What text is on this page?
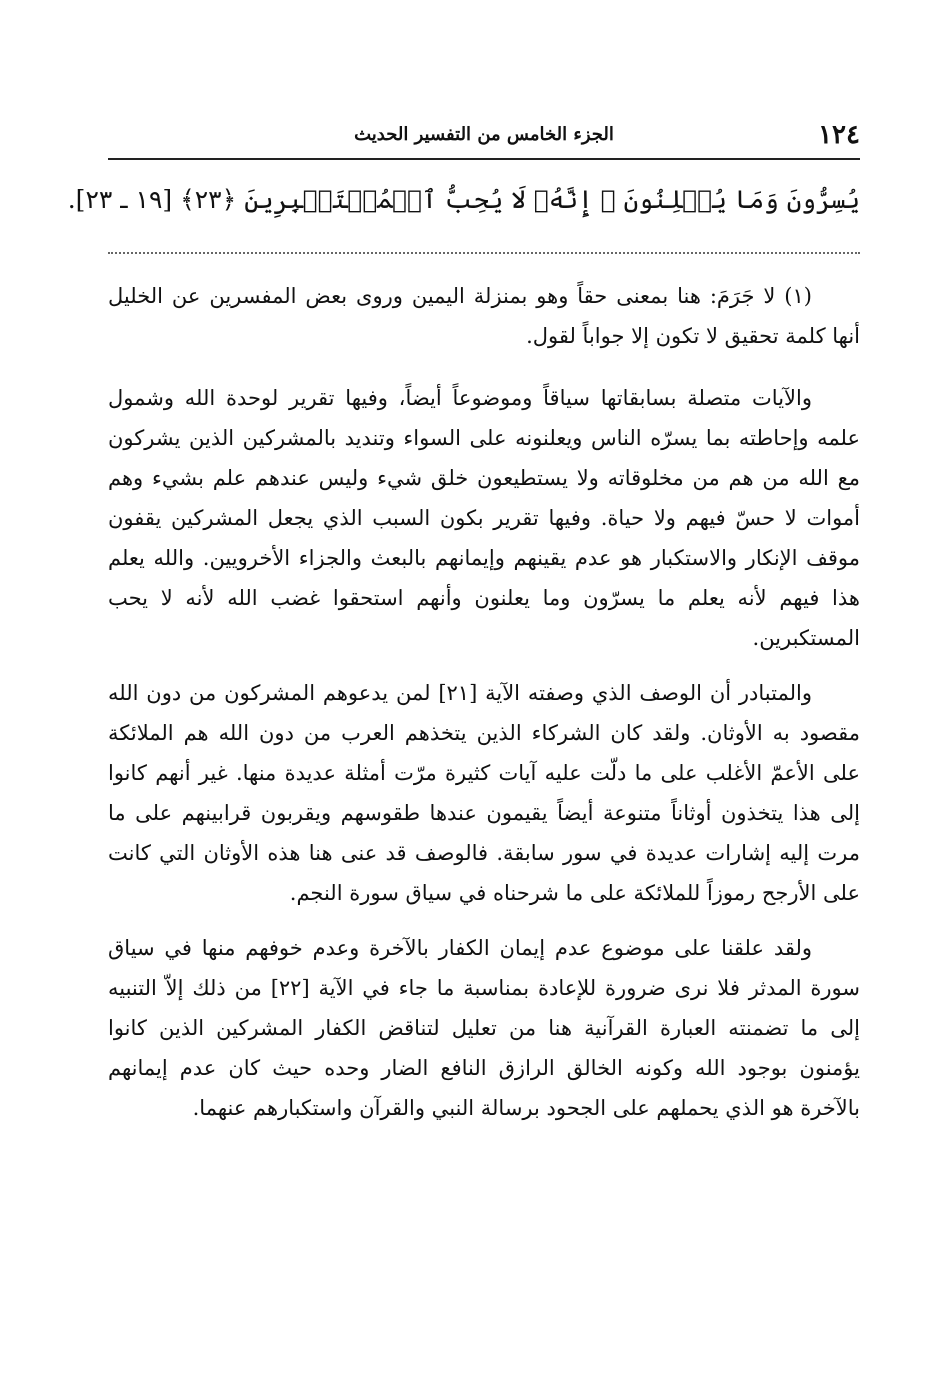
١٢٤
الجزء الخامس من التفسير الحديث
يُسِرُّونَ وَمَا يُعۡلِنُونَ ۚ إِنَّهُۥ لَا يُحِبُّ ٱلۡمُسۡتَكۡبِرِينَ ﴿٢٣﴾ [١٩ ـ ٢٣].

(١) لا جَرَمَ: هنا بمعنى حقاً وهو بمنزلة اليمين وروى بعض المفسرين عن الخليل أنها كلمة تحقيق لا تكون إلا جواباً لقول.

والآيات متصلة بسابقاتها سياقاً وموضوعاً أيضاً، وفيها تقرير لوحدة الله وشمول علمه وإحاطته بما يسرّه الناس ويعلنونه على السواء وتنديد بالمشركين الذين يشركون مع الله من هم من مخلوقاته ولا يستطيعون خلق شيء وليس عندهم علم بشيء وهم أموات لا حسّ فيهم ولا حياة. وفيها تقرير بكون السبب الذي يجعل المشركين يقفون موقف الإنكار والاستكبار هو عدم يقينهم وإيمانهم بالبعث والجزاء الأخرويين. والله يعلم هذا فيهم لأنه يعلم ما يسرّون وما يعلنون وأنهم استحقوا غضب الله لأنه لا يحب المستكبرين.

والمتبادر أن الوصف الذي وصفته الآية [٢١] لمن يدعوهم المشركون من دون الله مقصود به الأوثان. ولقد كان الشركاء الذين يتخذهم العرب من دون الله هم الملائكة على الأعمّ الأغلب على ما دلّت عليه آيات كثيرة مرّت أمثلة عديدة منها. غير أنهم كانوا إلى هذا يتخذون أوثاناً متنوعة أيضاً يقيمون عندها طقوسهم ويقربون قرابينهم على ما مرت إليه إشارات عديدة في سور سابقة. فالوصف قد عنى هنا هذه الأوثان التي كانت على الأرجح رموزاً للملائكة على ما شرحناه في سياق سورة النجم.

ولقد علقنا على موضوع عدم إيمان الكفار بالآخرة وعدم خوفهم منها في سياق سورة المدثر فلا نرى ضرورة للإعادة بمناسبة ما جاء في الآية [٢٢] من ذلك إلاّ التنبيه إلى ما تضمنته العبارة القرآنية هنا من تعليل لتناقض الكفار المشركين الذين كانوا يؤمنون بوجود الله وكونه الخالق الرازق النافع الضار وحده حيث كان عدم إيمانهم بالآخرة هو الذي يحملهم على الجحود برسالة النبي والقرآن واستكبارهم عنهما.
